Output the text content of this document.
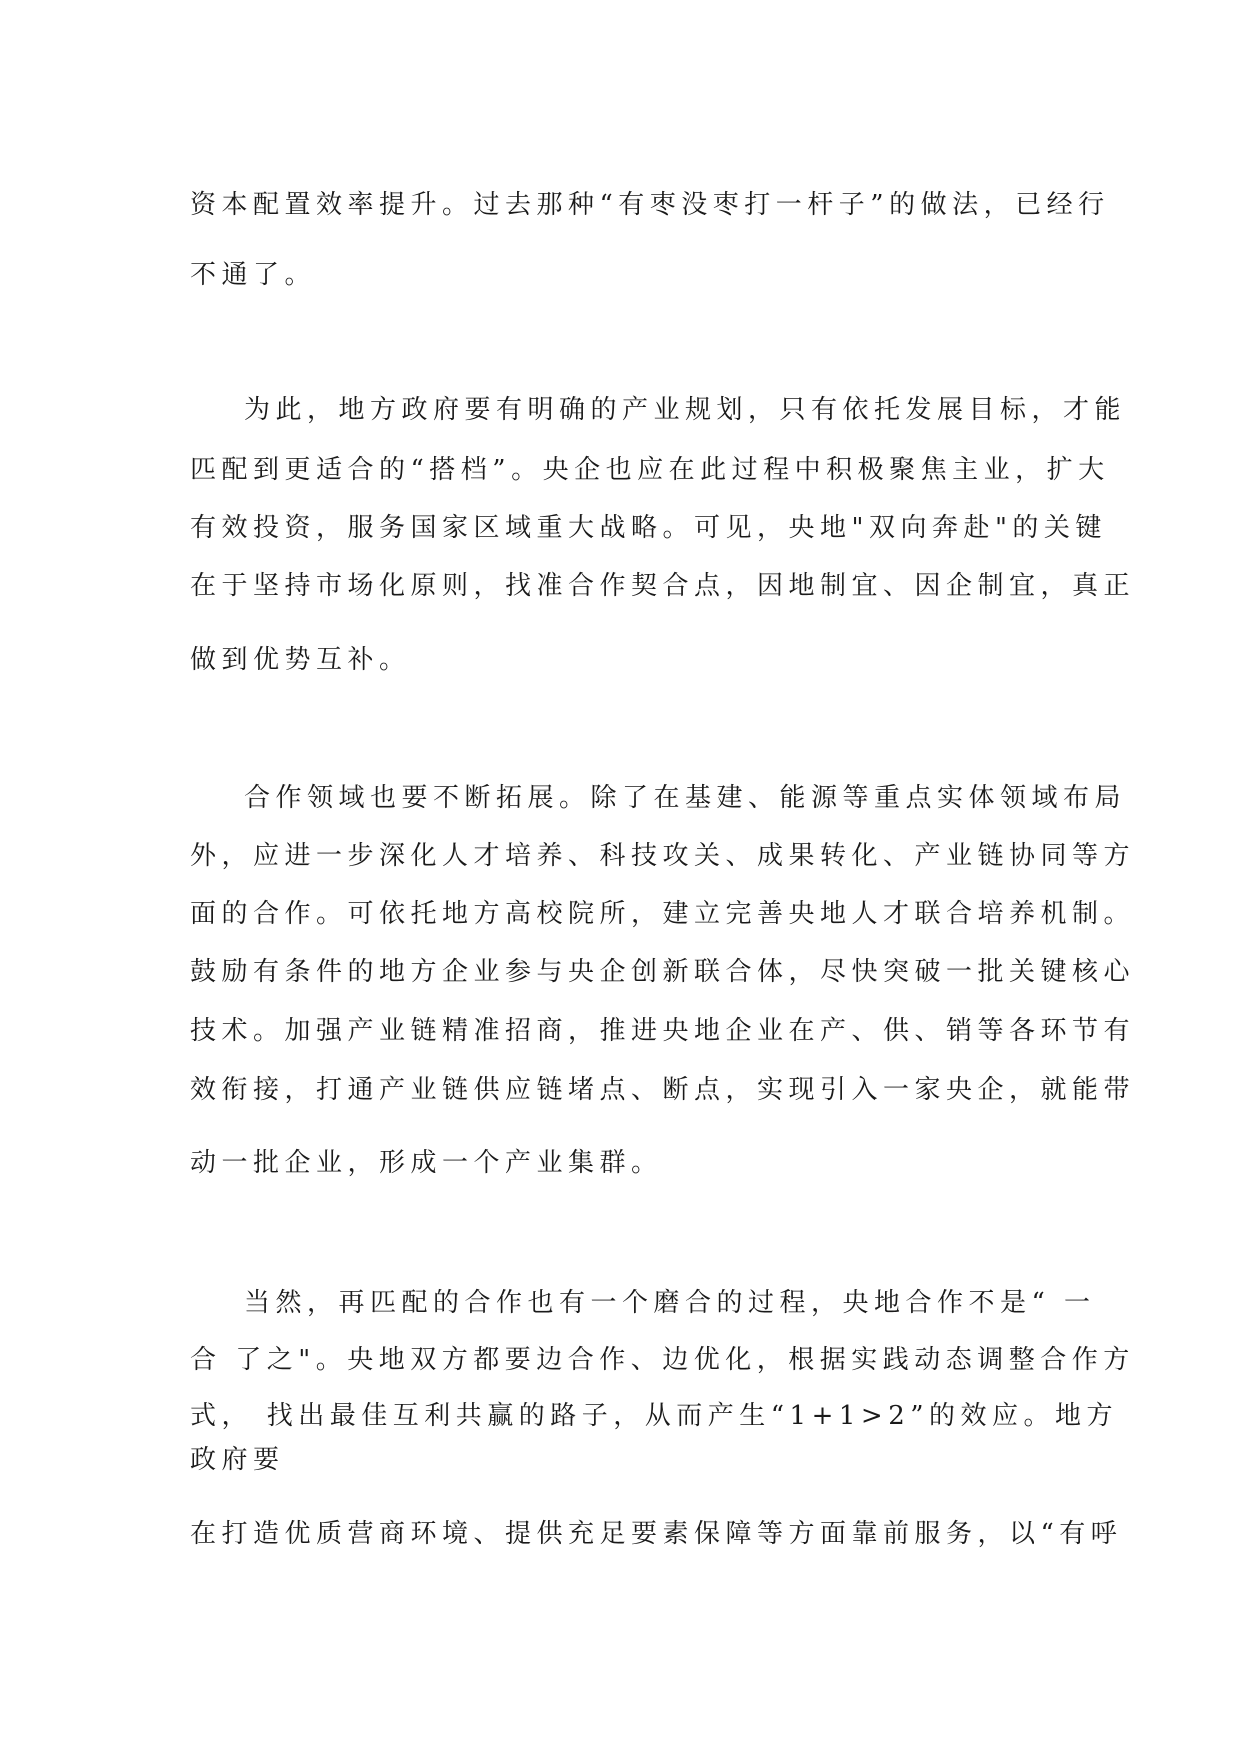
资本配置效率提升。过去那种“有枣没枣打一杆子”的做法，已经行
不通了。
为此，地方政府要有明确的产业规划，只有依托发展目标，才能
匹配到更适合的“搭档”。央企也应在此过程中积极聚焦主业，扩大
有效投资，服务国家区域重大战略。可见，央地"双向奔赴"的关键
在于坚持市场化原则，找准合作契合点，因地制宜、因企制宜，真正
做到优势互补。
合作领域也要不断拓展。除了在基建、能源等重点实体领域布局
外，应进一步深化人才培养、科技攻关、成果转化、产业链协同等方
面的合作。可依托地方高校院所，建立完善央地人才联合培养机制。
鼓励有条件的地方企业参与央企创新联合体，尽快突破一批关键核心
技术。加强产业链精准招商，推进央地企业在产、供、销等各环节有
效衔接，打通产业链供应链堵点、断点，实现引入一家央企，就能带
动一批企业，形成一个产业集群。
当然，再匹配的合作也有一个磨合的过程，央地合作不是“ 一
合 了之"。央地双方都要边合作、边优化，根据实践动态调整合作方
式， 找出最佳互利共赢的路子，从而产生“1+1>2”的效应。地方
政府要
在打造优质营商环境、提供充足要素保障等方面靠前服务，以“有呼
